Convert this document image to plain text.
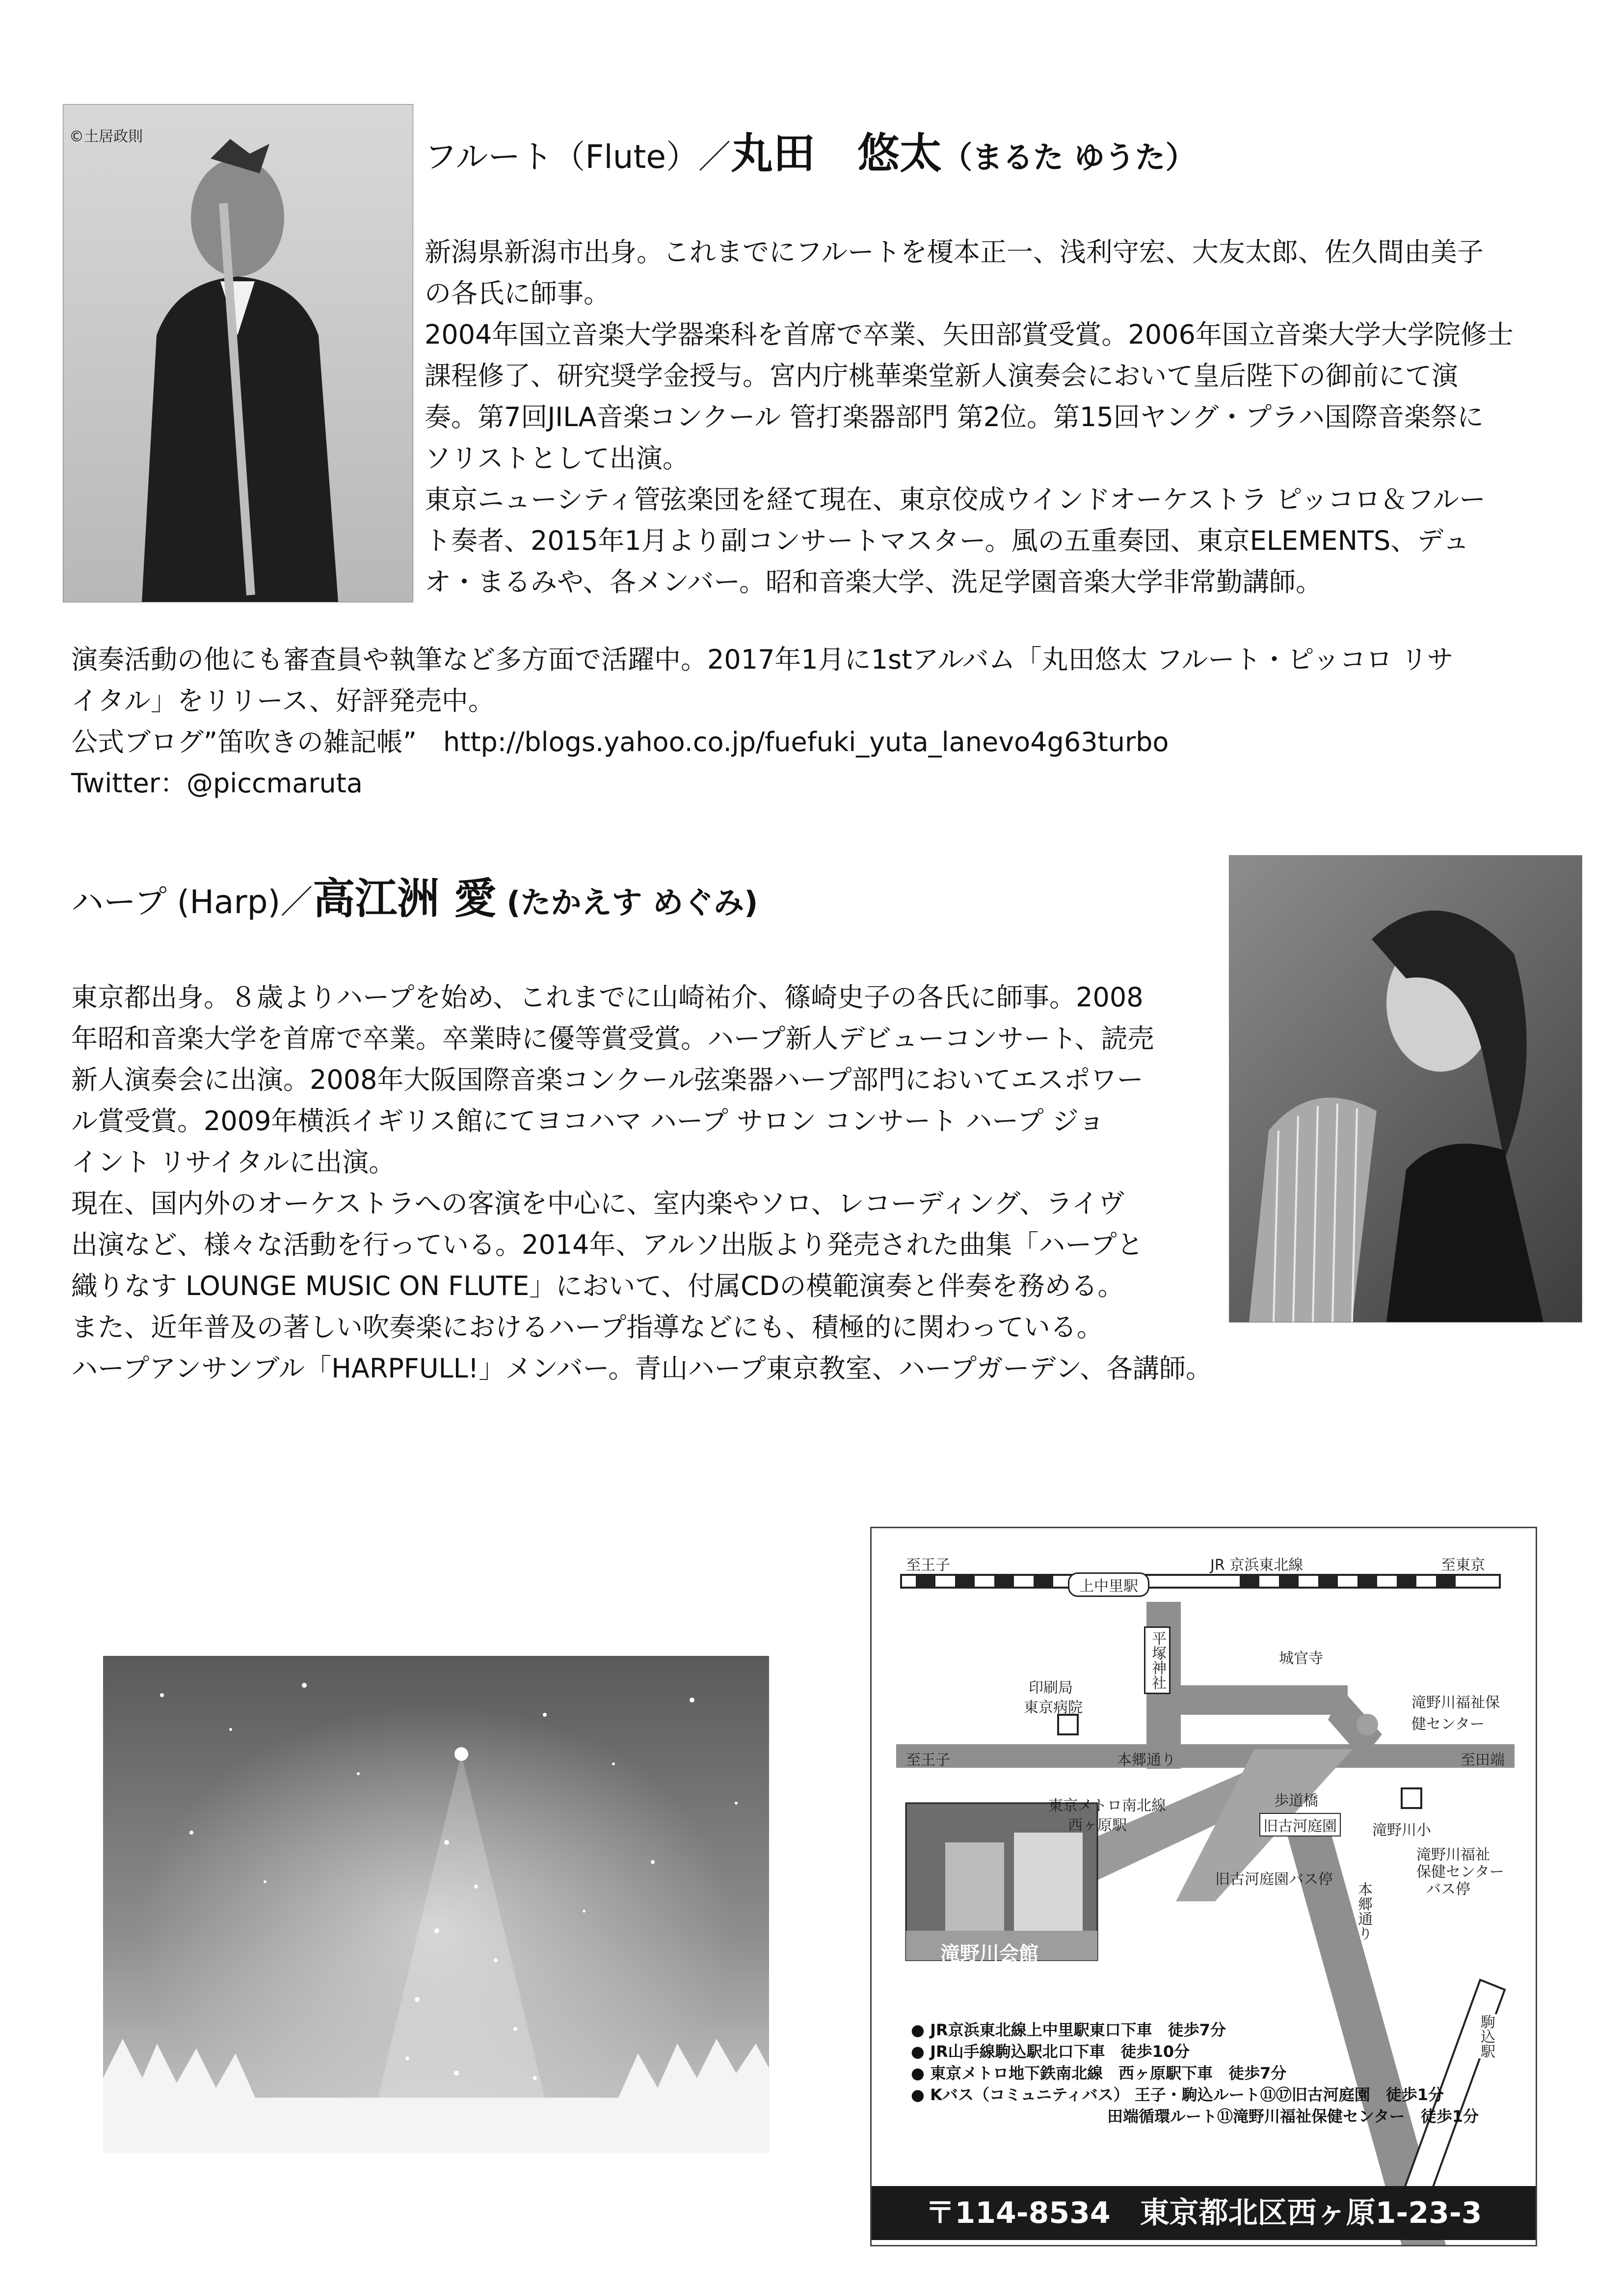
©土居政則
フルート（Flute）／丸田　悠太（まるた ゆうた）

新潟県新潟市出身。これまでにフルートを榎本正一、浅利守宏、大友太郎、佐久間由美子

の各氏に師事。

2004年国立音楽大学器楽科を首席で卒業、矢田部賞受賞。2006年国立音楽大学大学院修士

課程修了、研究奨学金授与。宮内庁桃華楽堂新人演奏会において皇后陛下の御前にて演

奏。第7回JILA音楽コンクール 管打楽器部門 第2位。第15回ヤング・プラハ国際音楽祭に

ソリストとして出演。

東京ニューシティ管弦楽団を経て現在、東京佼成ウインドオーケストラ ピッコロ＆フルー

ト奏者、2015年1月より副コンサートマスター。風の五重奏団、東京ELEMENTS、デュ

オ・まるみや、各メンバー。昭和音楽大学、洗足学園音楽大学非常勤講師。

演奏活動の他にも審査員や執筆など多方面で活躍中。2017年1月に1stアルバム「丸田悠太 フルート・ピッコロ リサ

イタル」をリリース、好評発売中。

公式ブログ”笛吹きの雑記帳”　http://blogs.yahoo.co.jp/fuefuki_yuta_lanevo4g63turbo

Twitter：@piccmaruta

ハープ (Harp)／高江洲 愛 (たかえす めぐみ)

東京都出身。８歳よりハープを始め、これまでに山崎祐介、篠崎史子の各氏に師事。2008

年昭和音楽大学を首席で卒業。卒業時に優等賞受賞。ハープ新人デビューコンサート、読売

新人演奏会に出演。2008年大阪国際音楽コンクール弦楽器ハープ部門においてエスポワー

ル賞受賞。2009年横浜イギリス館にてヨコハマ ハープ サロン コンサート ハープ ジョ

イント リサイタルに出演。

現在、国内外のオーケストラへの客演を中心に、室内楽やソロ、レコーディング、ライヴ

出演など、様々な活動を行っている。2014年、アルソ出版より発売された曲集「ハープと

織りなす LOUNGE MUSIC ON FLUTE」において、付属CDの模範演奏と伴奏を務める。

また、近年普及の著しい吹奏楽におけるハープ指導などにも、積極的に関わっている。

ハープアンサンブル「HARPFULL!」メンバー。青山ハープ東京教室、ハープガーデン、各講師。

至王子	JR 京浜東北線	至東京
上中里駅
城官寺
平塚神社
印刷局
東京病院	滝野川福祉保健センター
至王子	本郷通り	至田端
東京メトロ南北線
西ヶ原駅
歩道橋
旧古河庭園 滝野川小
旧古河庭園バス停
滝野川福祉
保健センター
バス停
本郷通り
駒込駅
滝野川会館
● JR京浜東北線上中里駅東口下車　徒歩7分
● JR山手線駒込駅北口下車　徒歩10分
● 東京メトロ地下鉄南北線　西ヶ原駅下車　徒歩7分
● Kバス（コミュニティバス） 王子・駒込ルート⑪⑰旧古河庭園　徒歩1分
田端循環ルート⑪滝野川福祉保健センター　徒歩1分
〒114-8534　東京都北区西ヶ原1-23-3
